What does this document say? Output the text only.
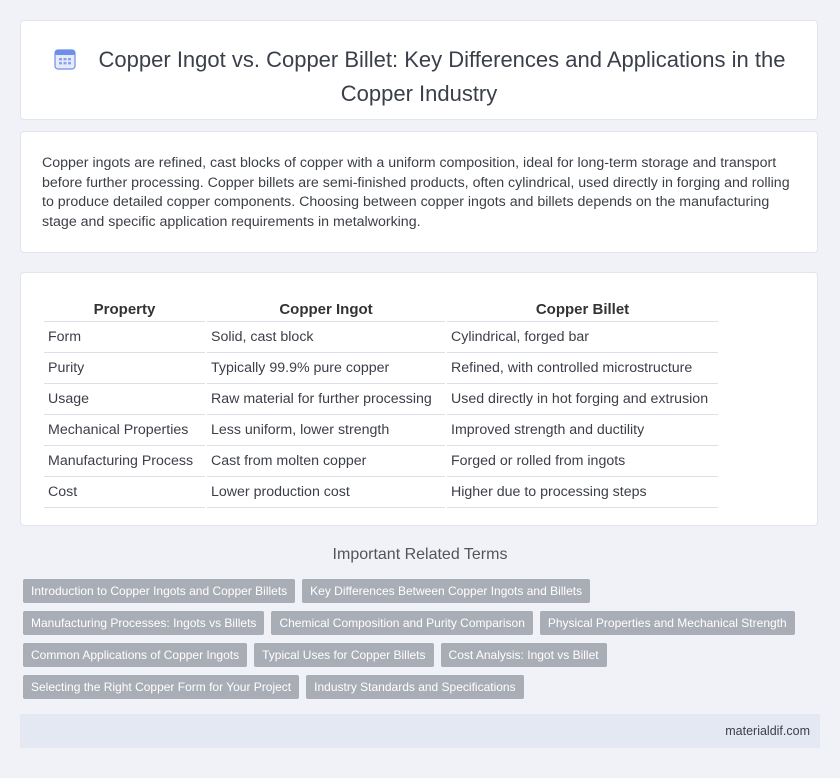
Copper Ingot vs. Copper Billet: Key Differences and Applications in the Copper Industry
Copper ingots are refined, cast blocks of copper with a uniform composition, ideal for long-term storage and transport before further processing. Copper billets are semi-finished products, often cylindrical, used directly in forging and rolling to produce detailed copper components. Choosing between copper ingots and billets depends on the manufacturing stage and specific application requirements in metalworking.
Property	Copper Ingot	Copper Billet
Form	Solid, cast block	Cylindrical, forged bar
Purity	Typically 99.9% pure copper	Refined, with controlled microstructure
Usage	Raw material for further processing	Used directly in hot forging and extrusion
Mechanical Properties	Less uniform, lower strength	Improved strength and ductility
Manufacturing Process	Cast from molten copper	Forged or rolled from ingots
Cost	Lower production cost	Higher due to processing steps
Important Related Terms
Introduction to Copper Ingots and Copper Billets	Key Differences Between Copper Ingots and Billets
Manufacturing Processes: Ingots vs Billets	Chemical Composition and Purity Comparison	Physical Properties and Mechanical Strength
Common Applications of Copper Ingots	Typical Uses for Copper Billets	Cost Analysis: Ingot vs Billet
Selecting the Right Copper Form for Your Project	Industry Standards and Specifications
materialdif.com
